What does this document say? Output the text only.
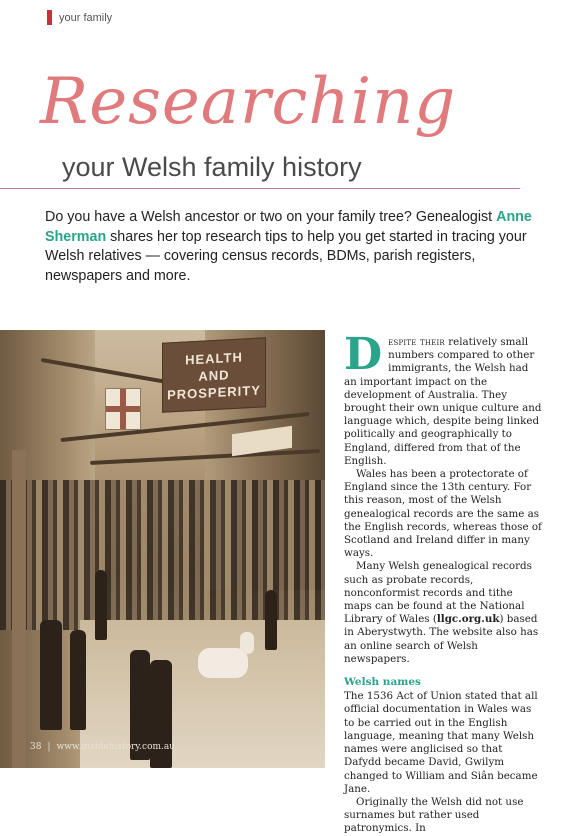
your family
Researching
your Welsh family history
Do you have a Welsh ancestor or two on your family tree? Genealogist Anne Sherman shares her top research tips to help you get started in tracing your Welsh relatives — covering census records, BDMs, parish registers, newspapers and more.
HEALTH
AND
PROSPERITY

Despite their relatively small numbers compared to other immigrants, the Welsh had an important impact on the development of Australia. They brought their own unique culture and language which, despite being linked politically and geographically to England, differed from that of the English.

Wales has been a protectorate of England since the 13th century. For this reason, most of the Welsh genealogical records are the same as the English records, whereas those of Scotland and Ireland differ in many ways.

Many Welsh genealogical records such as probate records, nonconformist records and tithe maps can be found at the National Library of Wales (llgc.org.uk) based in Aberystwyth. The website also has an online search of Welsh newspapers.

Welsh names

The 1536 Act of Union stated that all official documentation in Wales was to be carried out in the English language, meaning that many Welsh names were anglicised so that Dafydd became David, Gwilym changed to William and Siân became Jane.

Originally the Welsh did not use surnames but rather used patronymics. In

38 | www.insidehistory.com.au
